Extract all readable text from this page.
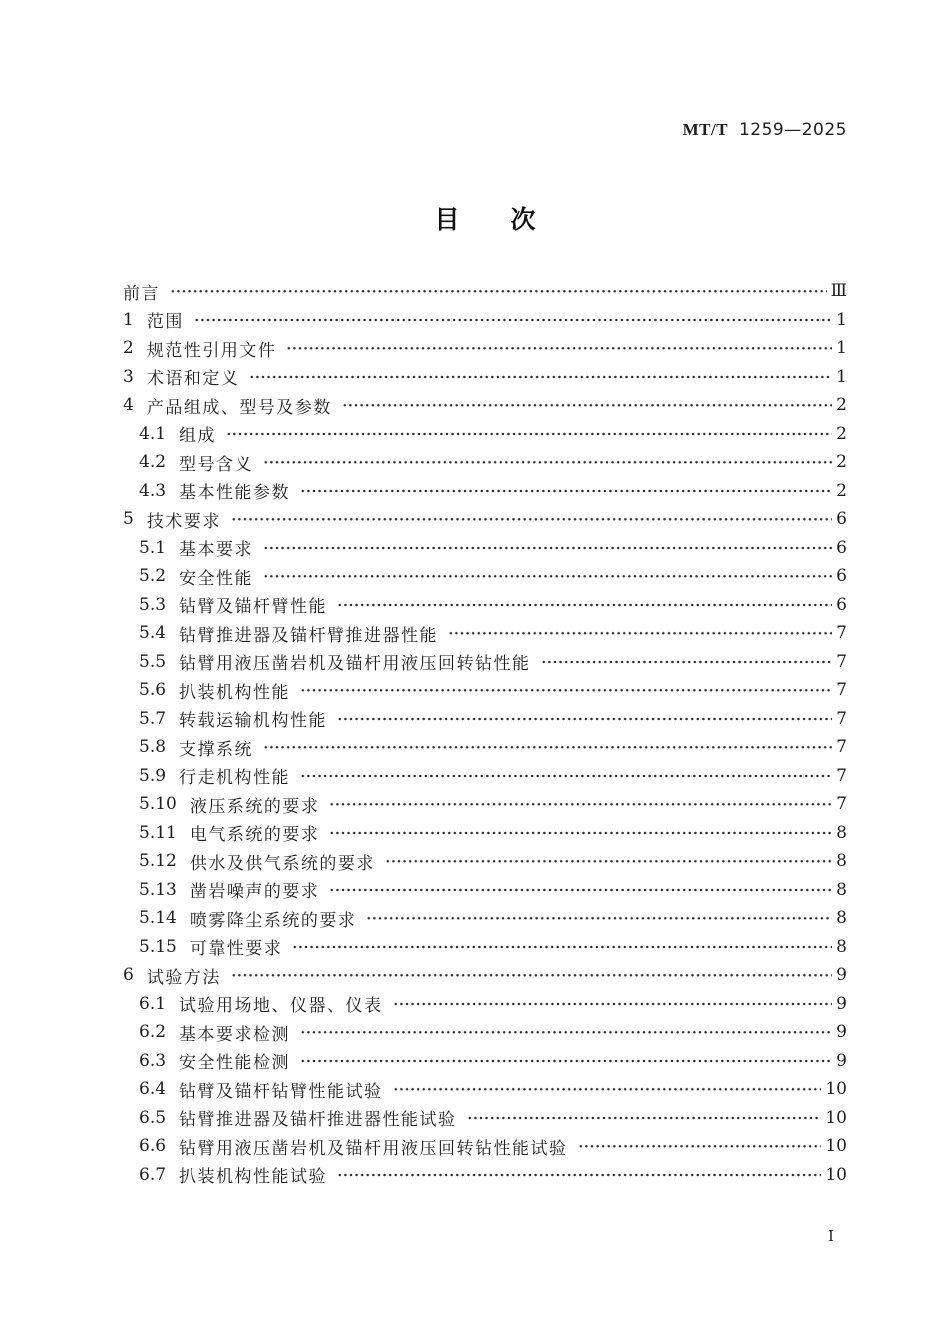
MT/T 1259—2025
目 次
前言	Ⅲ
1 范围	1
2 规范性引用文件	1
3 术语和定义	1
4 产品组成、型号及参数	2
4.1 组成	2
4.2 型号含义	2
4.3 基本性能参数	2
5 技术要求	6
5.1 基本要求	6
5.2 安全性能	6
5.3 钻臂及锚杆臂性能	6
5.4 钻臂推进器及锚杆臂推进器性能	7
5.5 钻臂用液压凿岩机及锚杆用液压回转钻性能	7
5.6 扒装机构性能	7
5.7 转载运输机构性能	7
5.8 支撑系统	7
5.9 行走机构性能	7
5.10 液压系统的要求	7
5.11 电气系统的要求	8
5.12 供水及供气系统的要求	8
5.13 凿岩噪声的要求	8
5.14 喷雾降尘系统的要求	8
5.15 可靠性要求	8
6 试验方法	9
6.1 试验用场地、仪器、仪表	9
6.2 基本要求检测	9
6.3 安全性能检测	9
6.4 钻臂及锚杆钻臂性能试验	10
6.5 钻臂推进器及锚杆推进器性能试验	10
6.6 钻臂用液压凿岩机及锚杆用液压回转钻性能试验	10
6.7 扒装机构性能试验	10
Ⅰ
